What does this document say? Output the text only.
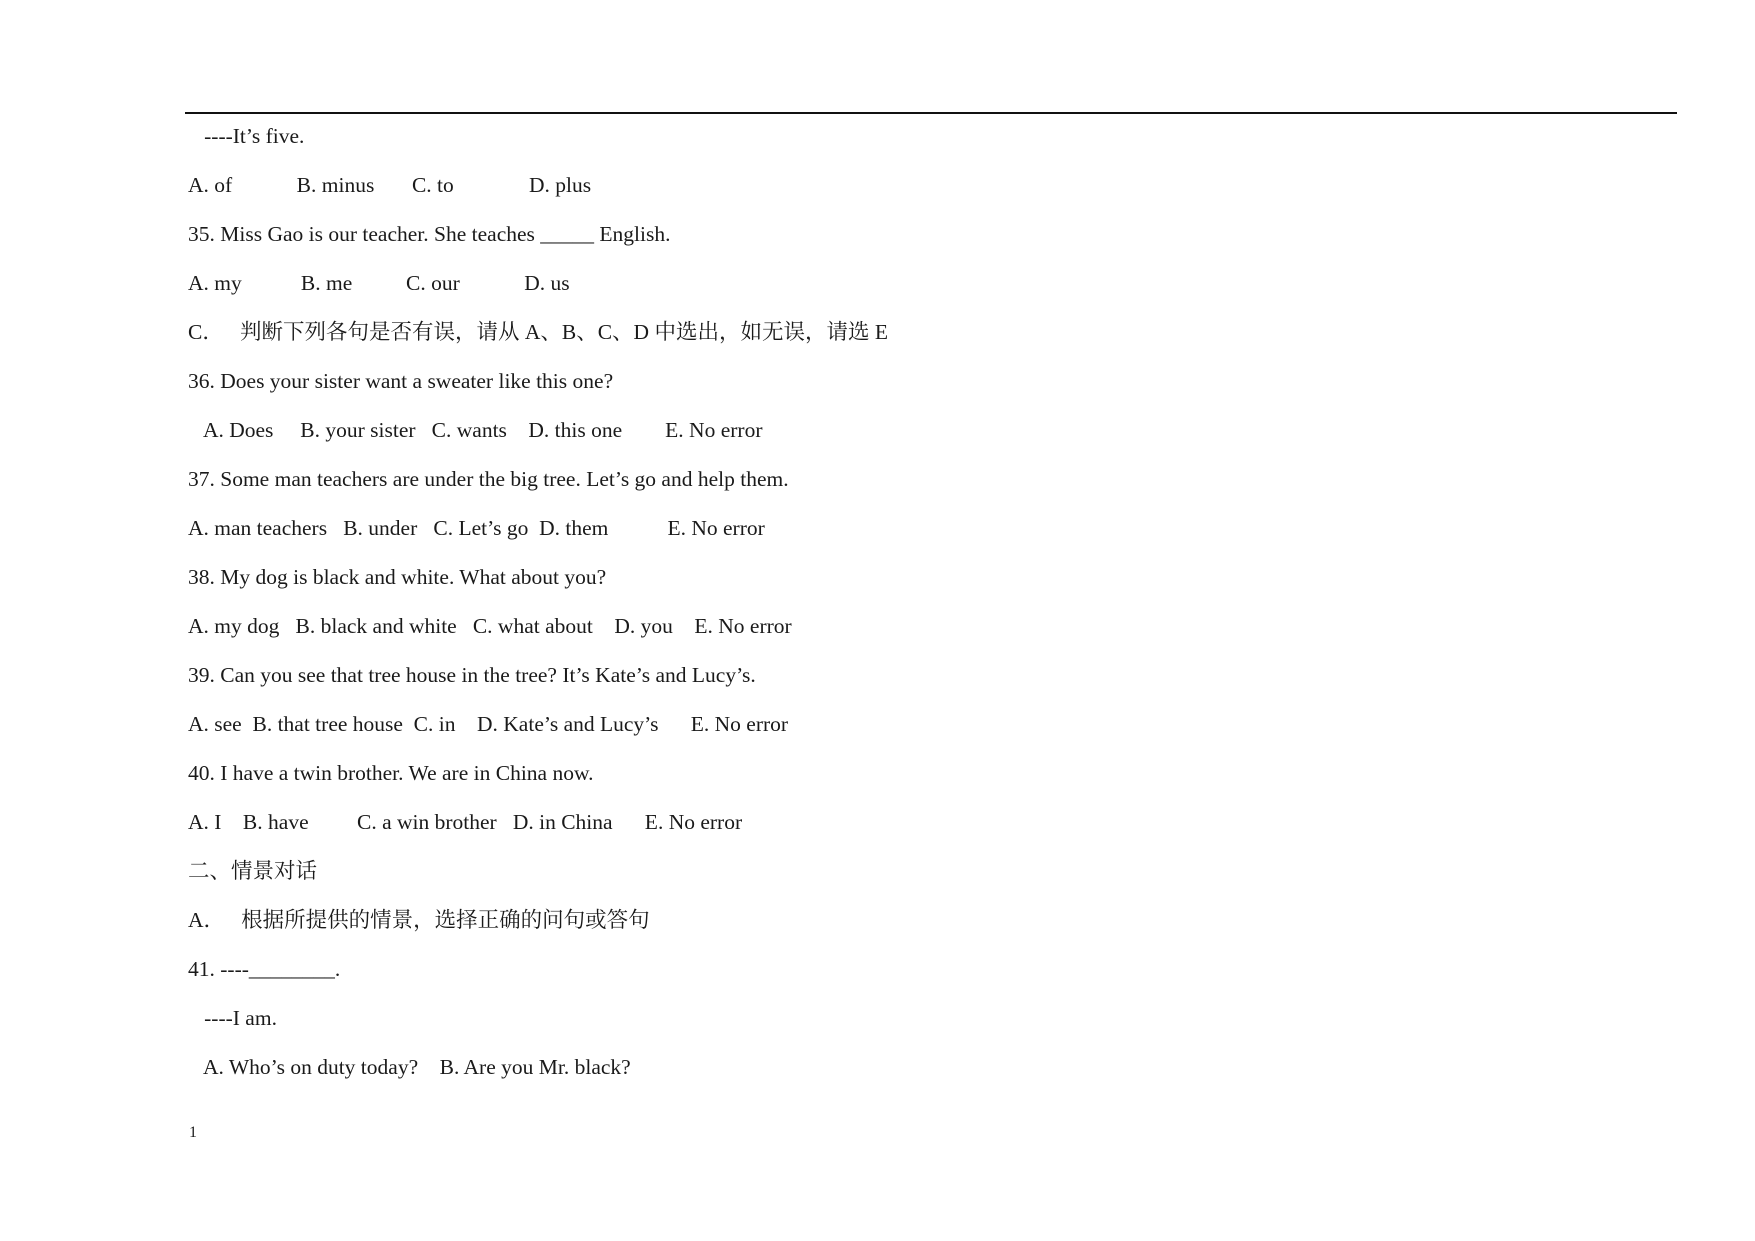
----It’s five.
A. of            B. minus       C. to              D. plus
35. Miss Gao is our teacher. She teaches _____ English.
A. my           B. me          C. our            D. us
C．   判断下列各句是否有误，请从 A、B、C、D 中选出，如无误，请选 E
36. Does your sister want a sweater like this one?
A. Does     B. your sister   C. wants    D. this one        E. No error
37. Some man teachers are under the big tree. Let’s go and help them.
A. man teachers   B. under   C. Let’s go  D. them           E. No error
38. My dog is black and white. What about you?
A. my dog   B. black and white   C. what about    D. you    E. No error
39. Can you see that tree house in the tree? It’s Kate’s and Lucy’s.
A. see  B. that tree house  C. in    D. Kate’s and Lucy’s      E. No error
40. I have a twin brother. We are in China now.
A. I    B. have         C. a win brother   D. in China      E. No error
二、情景对话
A．   根据所提供的情景，选择正确的问句或答句
41. ----________.
----I am.
A. Who’s on duty today?    B. Are you Mr. black?
1
